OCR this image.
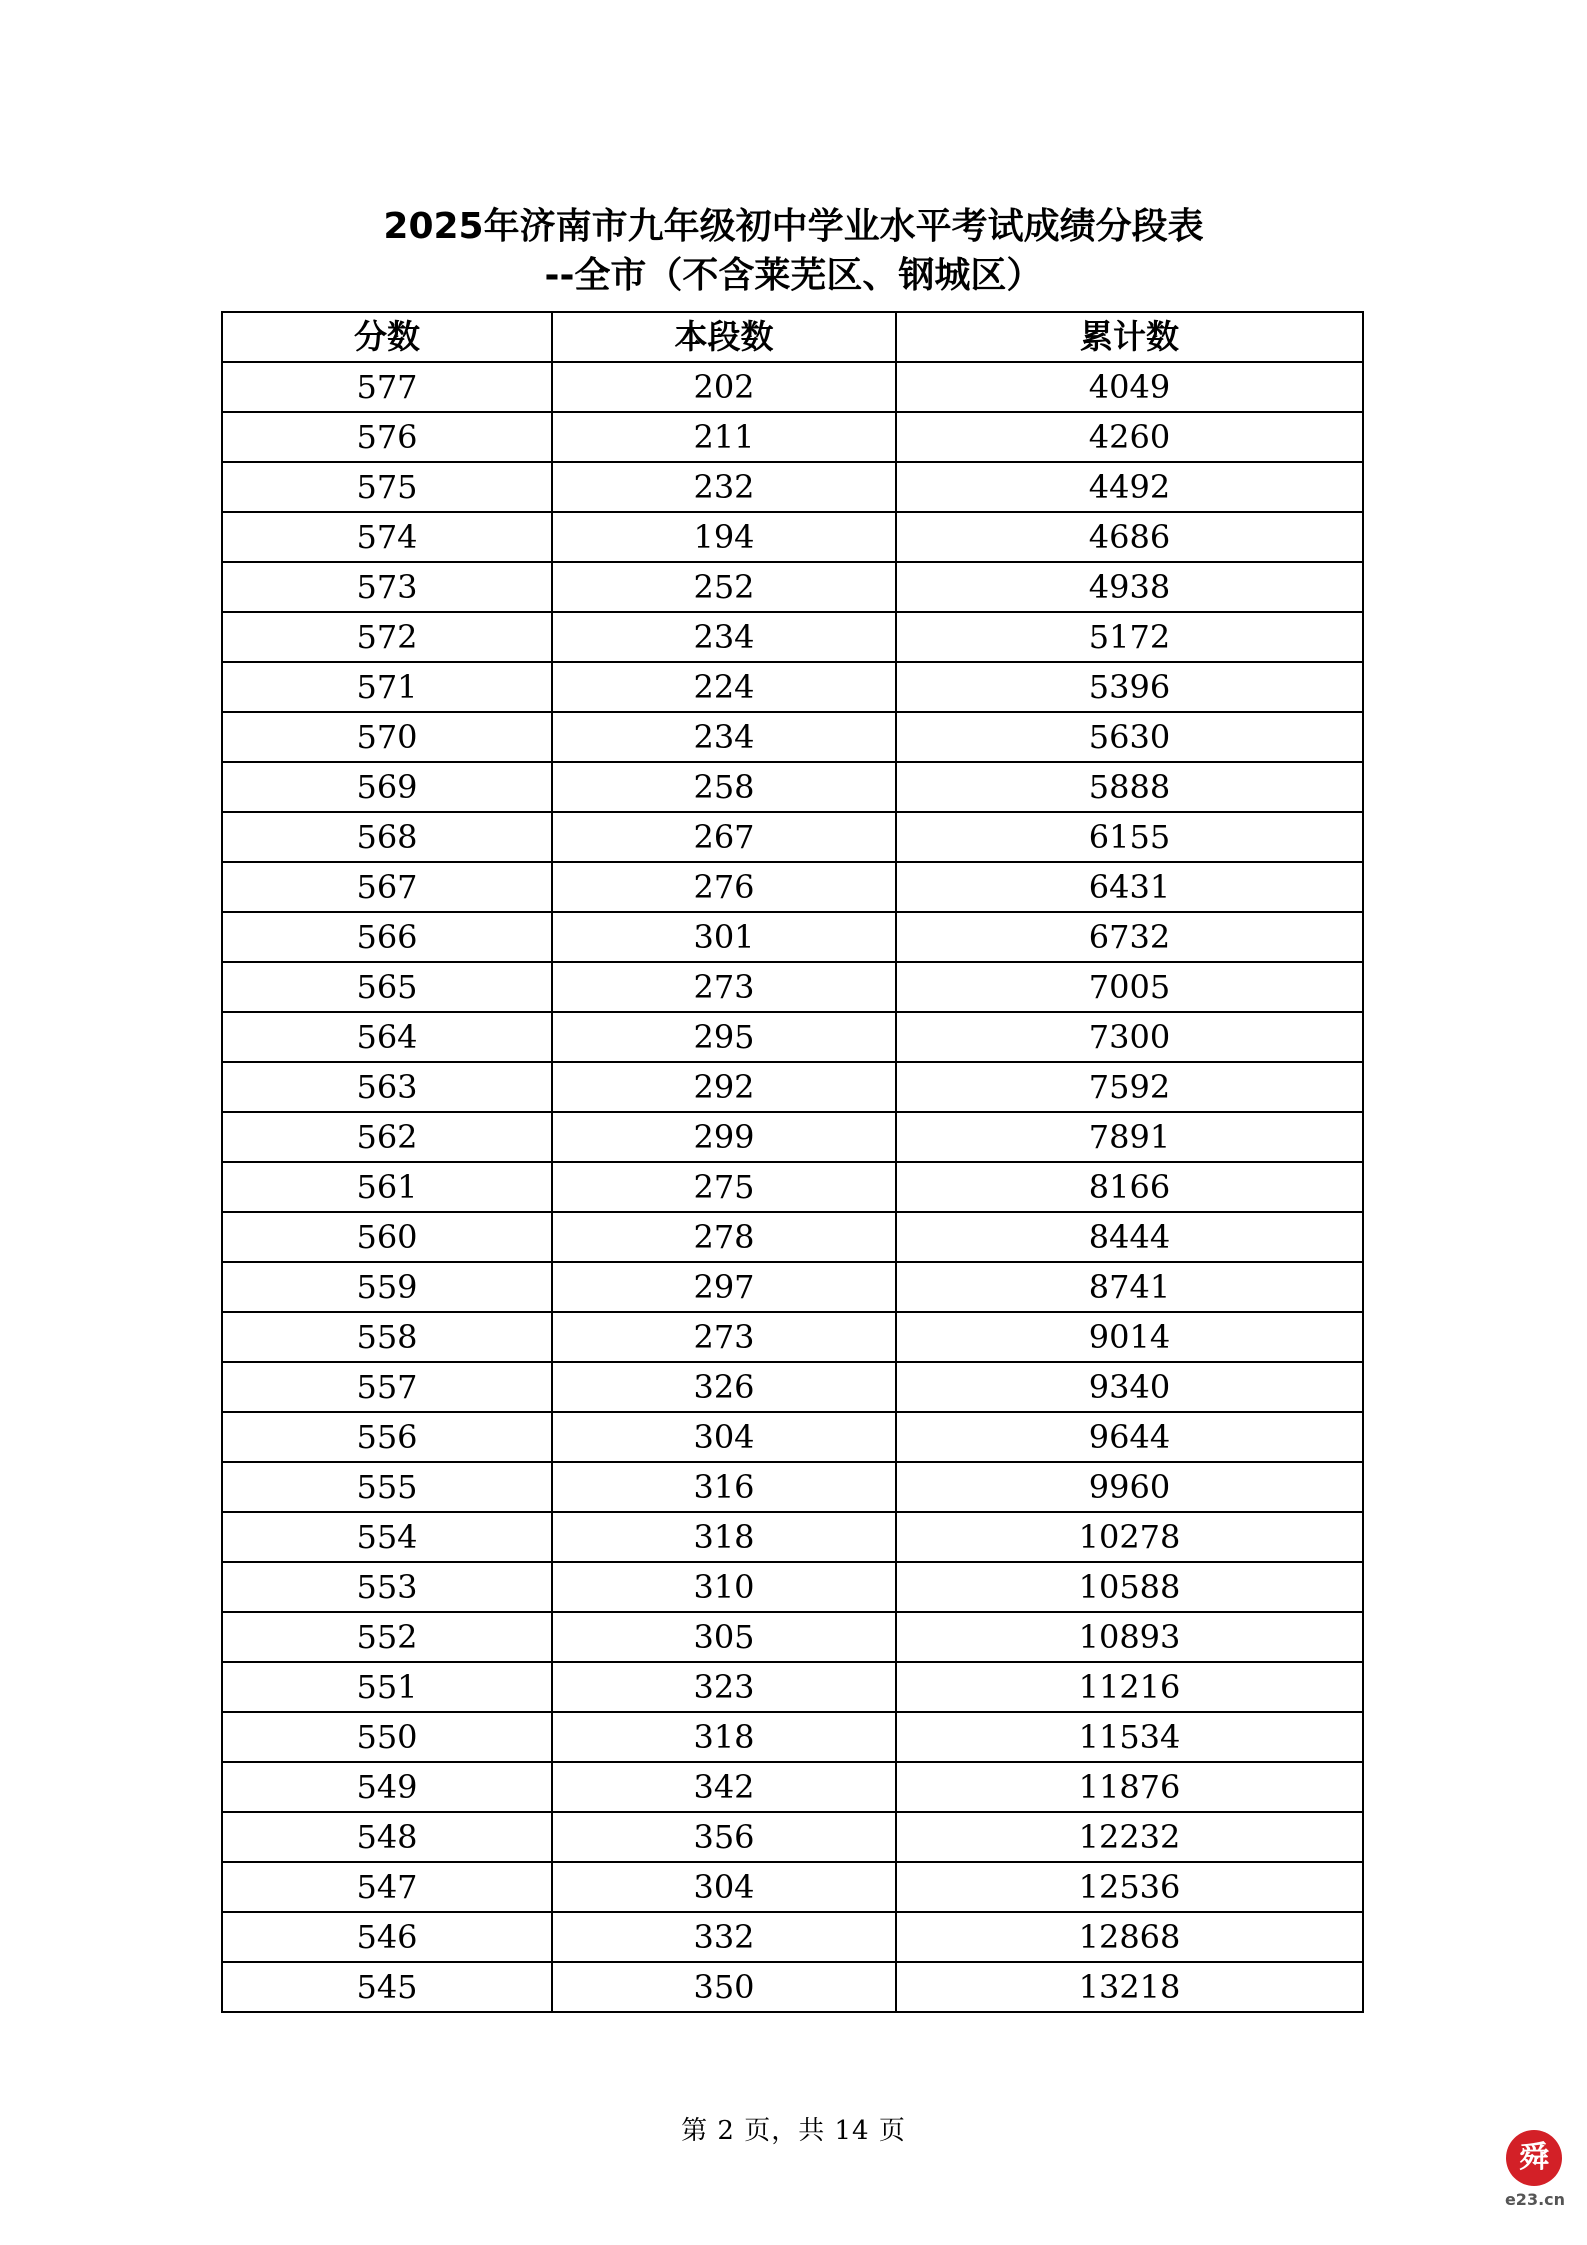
2025年济南市九年级初中学业水平考试成绩分段表

--全市（不含莱芜区、钢城区）

分数	本段数	累计数
577	202	4049
576	211	4260
575	232	4492
574	194	4686
573	252	4938
572	234	5172
571	224	5396
570	234	5630
569	258	5888
568	267	6155
567	276	6431
566	301	6732
565	273	7005
564	295	7300
563	292	7592
562	299	7891
561	275	8166
560	278	8444
559	297	8741
558	273	9014
557	326	9340
556	304	9644
555	316	9960
554	318	10278
553	310	10588
552	305	10893
551	323	11216
550	318	11534
549	342	11876
548	356	12232
547	304	12536
546	332	12868
545	350	13218
第 2 页，共 14 页
舜
e23.cn
